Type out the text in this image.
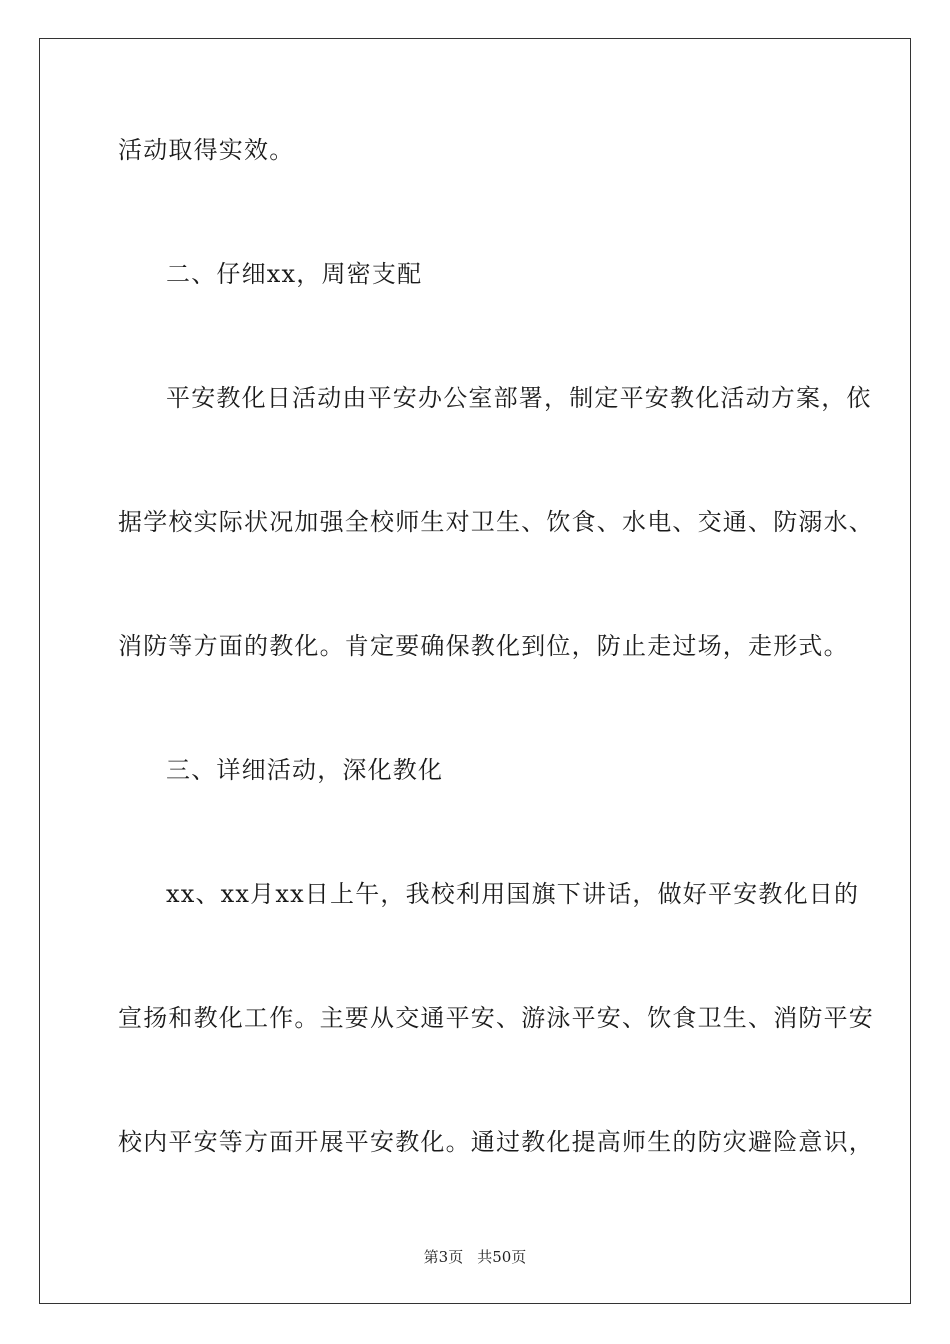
活动取得实效。
二、仔细xx，周密支配
平安教化日活动由平安办公室部署，制定平安教化活动方案，依
据学校实际状况加强全校师生对卫生、饮食、水电、交通、防溺水、
消防等方面的教化。肯定要确保教化到位，防止走过场，走形式。
三、详细活动，深化教化
xx、xx月xx日上午，我校利用国旗下讲话，做好平安教化日的
宣扬和教化工作。主要从交通平安、游泳平安、饮食卫生、消防平安
校内平安等方面开展平安教化。通过教化提高师生的防灾避险意识，
第3页 共50页
